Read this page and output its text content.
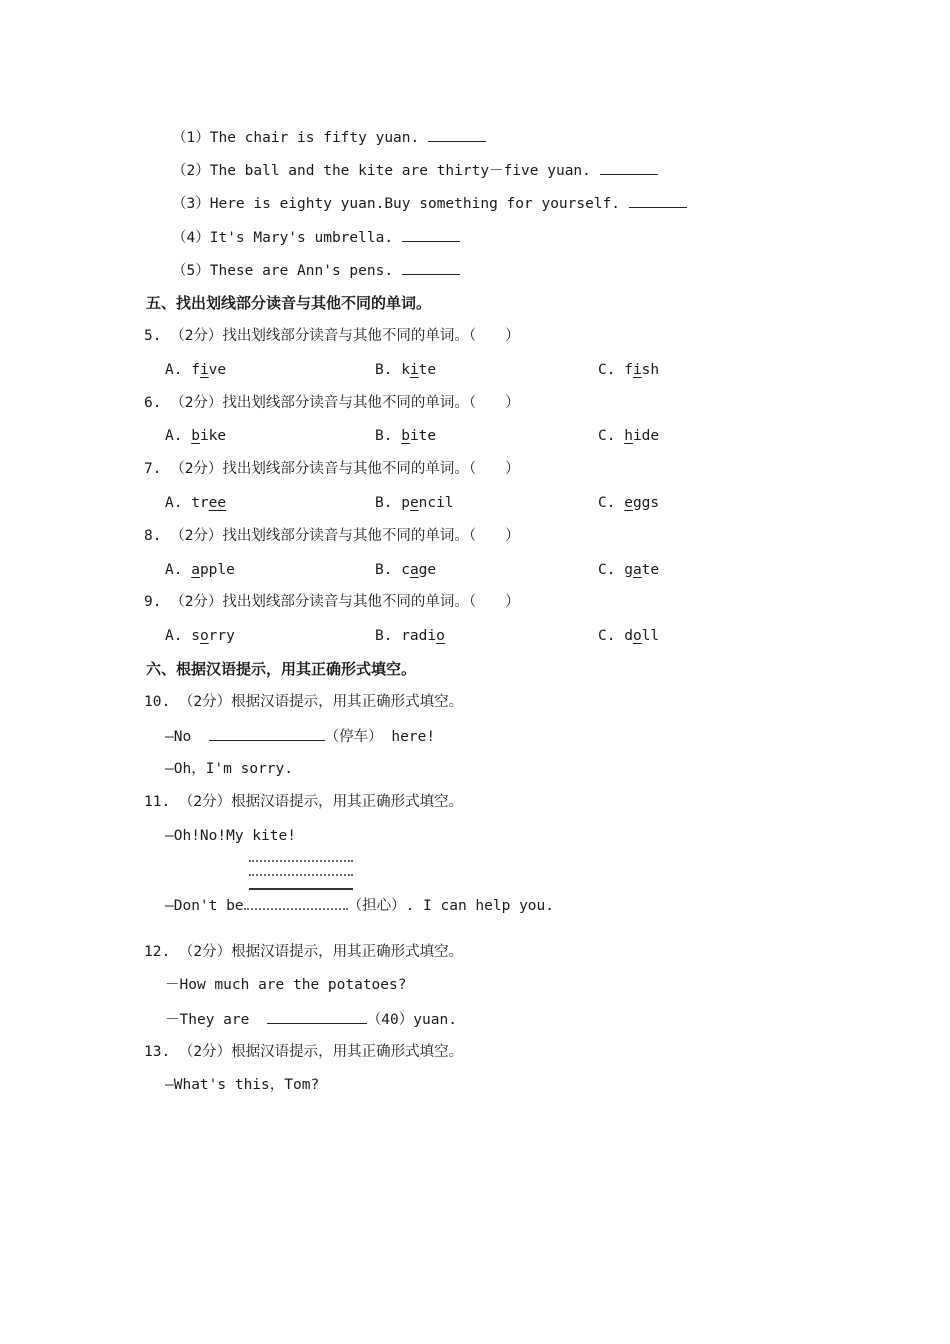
（1）The chair is fifty yuan.
（2）The ball and the kite are thirty－five yuan.
（3）Here is eighty yuan.Buy something for yourself.
（4）It's Mary's umbrella.
（5）These are Ann's pens.
五、找出划线部分读音与其他不同的单词。
5. （2分）找出划线部分读音与其他不同的单词。（　　）
A. five	B. kite	C. fish
6. （2分）找出划线部分读音与其他不同的单词。（　　）
A. bike	B. bite	C. hide
7. （2分）找出划线部分读音与其他不同的单词。（　　）
A. tree	B. pencil	C. eggs
8. （2分）找出划线部分读音与其他不同的单词。（　　）
A. apple	B. cage	C. gate
9. （2分）找出划线部分读音与其他不同的单词。（　　）
A. sorry	B. radio	C. doll
六、根据汉语提示，用其正确形式填空。
10. （2分）根据汉语提示，用其正确形式填空。
—No	（停车） here!
—Oh，I'm sorry.
11. （2分）根据汉语提示，用其正确形式填空。
—Oh!No!My kite!
—Don't be	（担心）. I can help you.
12. （2分）根据汉语提示，用其正确形式填空。
－How much are the potatoes?
－They are	（40）yuan.
13. （2分）根据汉语提示，用其正确形式填空。
—What's this，Tom?
